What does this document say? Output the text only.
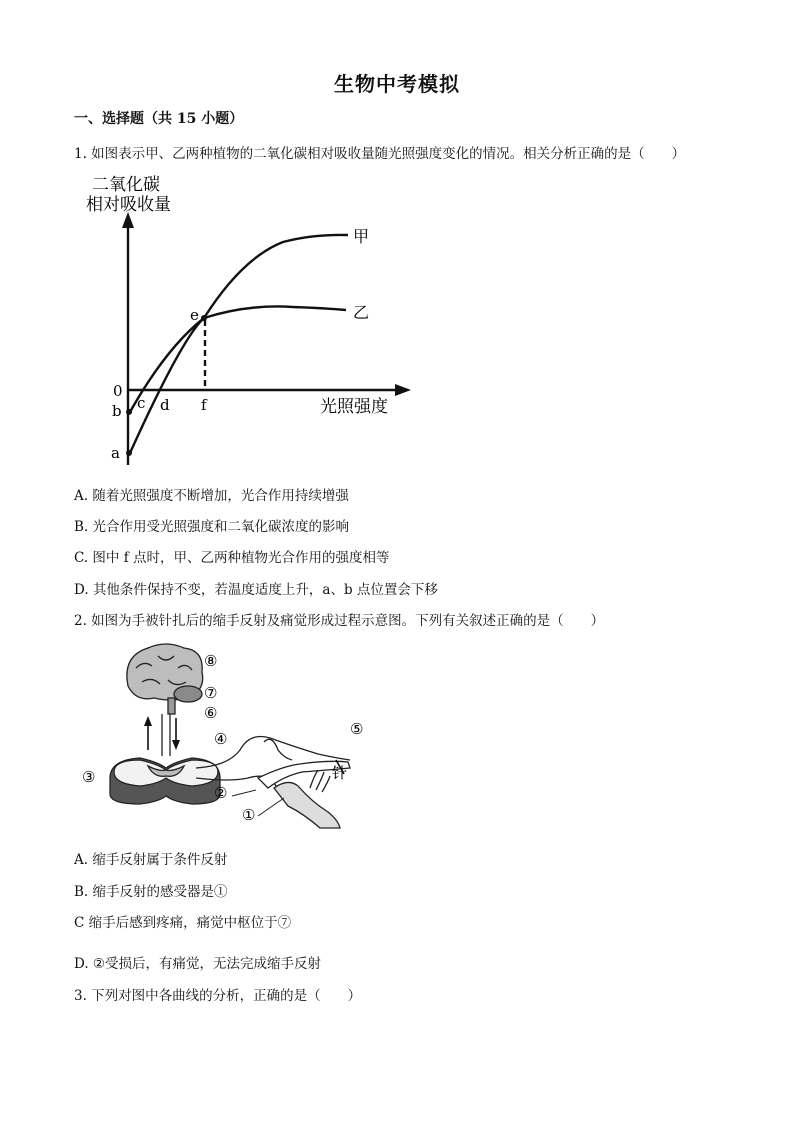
生物中考模拟
一、选择题（共 15 小题）
1. 如图表示甲、乙两种植物的二氧化碳相对吸收量随光照强度变化的情况。相关分析正确的是（　　）
二氧化碳
相对吸收量
光照强度
甲
乙
e
0
b
a
c d f
A. 随着光照强度不断增加，光合作用持续增强
B. 光合作用受光照强度和二氧化碳浓度的影响
C. 图中 f 点时，甲、乙两种植物光合作用的强度相等
D. 其他条件保持不变，若温度适度上升，a、b 点位置会下移
2. 如图为手被针扎后的缩手反射及痛觉形成过程示意图。下列有关叙述正确的是（　　）
⑧
⑦
⑥
④
⑤
针
③
②
①
A. 缩手反射属于条件反射
B. 缩手反射的感受器是①
C 缩手后感到疼痛，痛觉中枢位于⑦
D. ②受损后，有痛觉，无法完成缩手反射
3. 下列对图中各曲线的分析，正确的是（　　）
